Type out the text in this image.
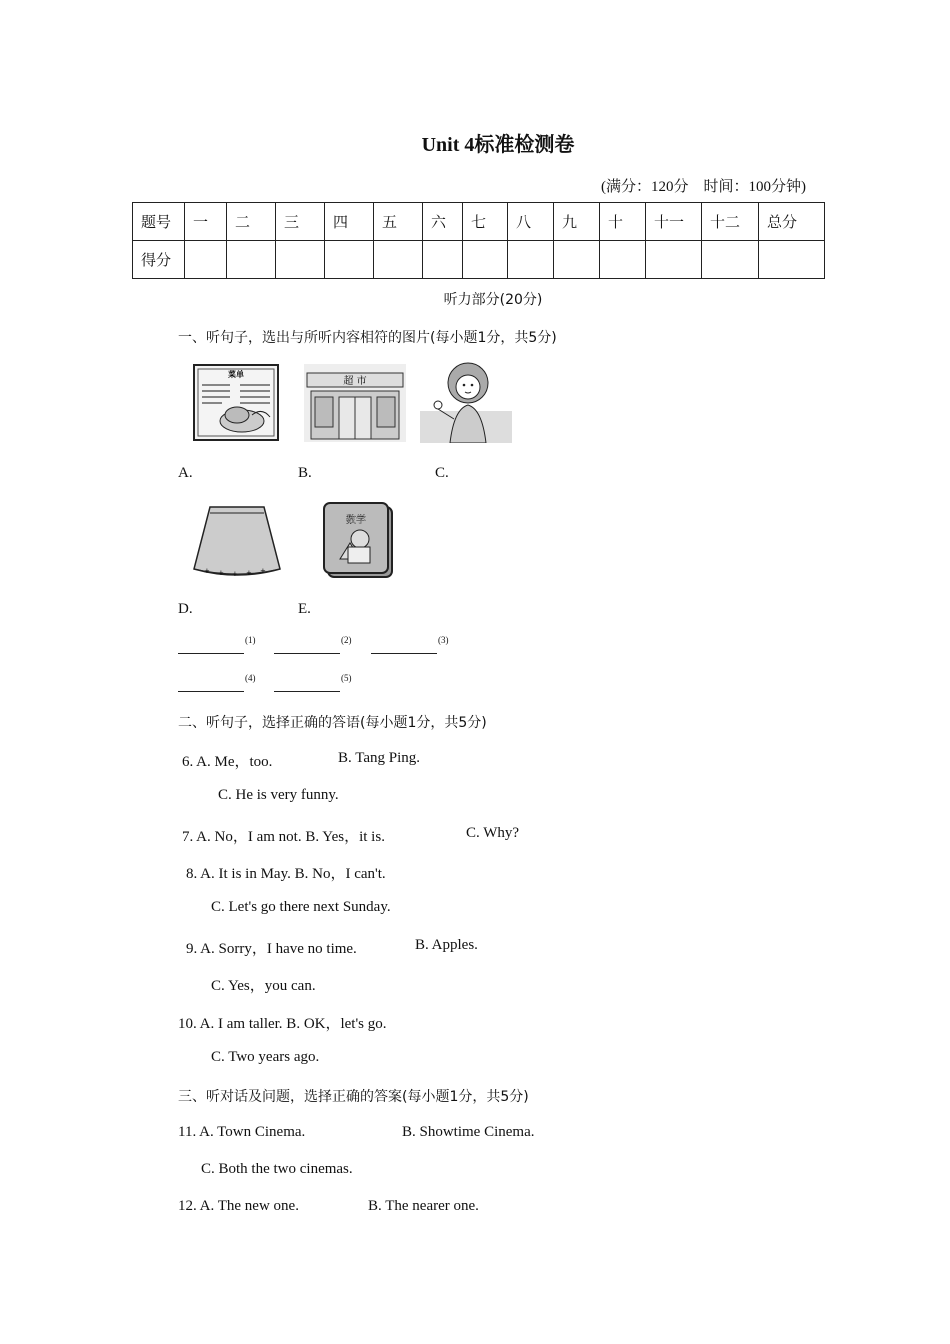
Unit 4标准检测卷
(满分：120分　时间：100分钟)
题号	一	二	三	四	五	六	七	八	九	十	十一	十二	总分
得分													
听力部分(20分)
一、听句子，选出与所听内容相符的图片(每小题1分，共5分)
菜单
超 市
A.	B.	C.
+ + + + +
数学
D.	E.
$^{(1)}$	$^{(2)}$	$^{(3)}$
$^{(4)}$	$^{(5)}$
二、听句子，选择正确的答语(每小题1分，共5分)
6. A. Me，too.	B. Tang Ping.
C. He is very funny.
7. A. No，I am not. B. Yes，it is.	C. Why?
8. A. It is in May. B. No，I can't.
C. Let's go there next Sunday.
9. A. Sorry，I have no time.	B. Apples.
C. Yes，you can.
10. A. I am taller. B. OK，let's go.
C. Two years ago.
三、听对话及问题，选择正确的答案(每小题1分，共5分)
11. A. Town Cinema.	B. Showtime Cinema.
C. Both the two cinemas.
12. A. The new one.	B. The nearer one.
